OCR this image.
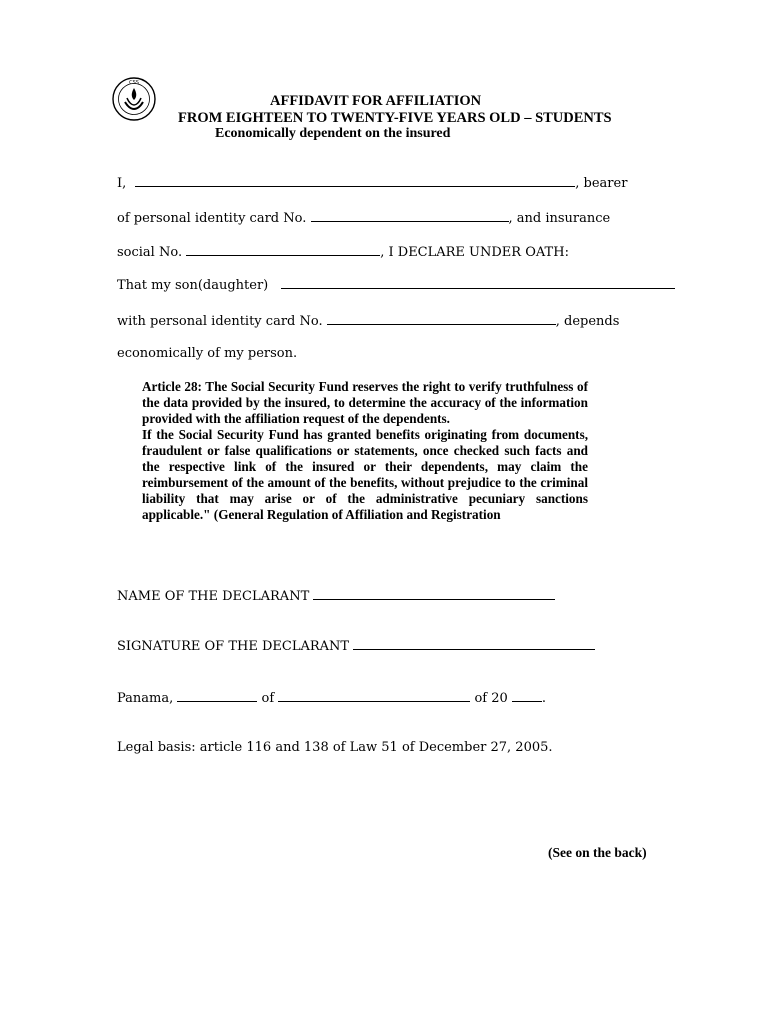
CSS
AFFIDAVIT FOR AFFILIATION
FROM EIGHTEEN TO TWENTY-FIVE YEARS OLD – STUDENTS
Economically dependent on the insured
I,	, bearer
of personal identity card No.	, and insurance
social No.	, I DECLARE UNDER OATH:
That my son(daughter)
with personal identity card No.	, depends
economically of my person.

Article 28: The Social Security Fund reserves the right to verify truthfulness of the data provided by the insured, to determine the accuracy of the information provided with the affiliation request of the dependents.

If the Social Security Fund has granted benefits originating from documents, fraudulent or false qualifications or statements, once checked such facts and the respective link of the insured or their dependents, may claim the reimbursement of the amount of the benefits, without prejudice to the criminal liability that may arise or of the administrative pecuniary sanctions applicable." (General Regulation of Affiliation and Registration

NAME OF THE DECLARANT
SIGNATURE OF THE DECLARANT
Panama,	of	of 20	.
Legal basis: article 116 and 138 of Law 51 of December 27, 2005.
(See on the back)
